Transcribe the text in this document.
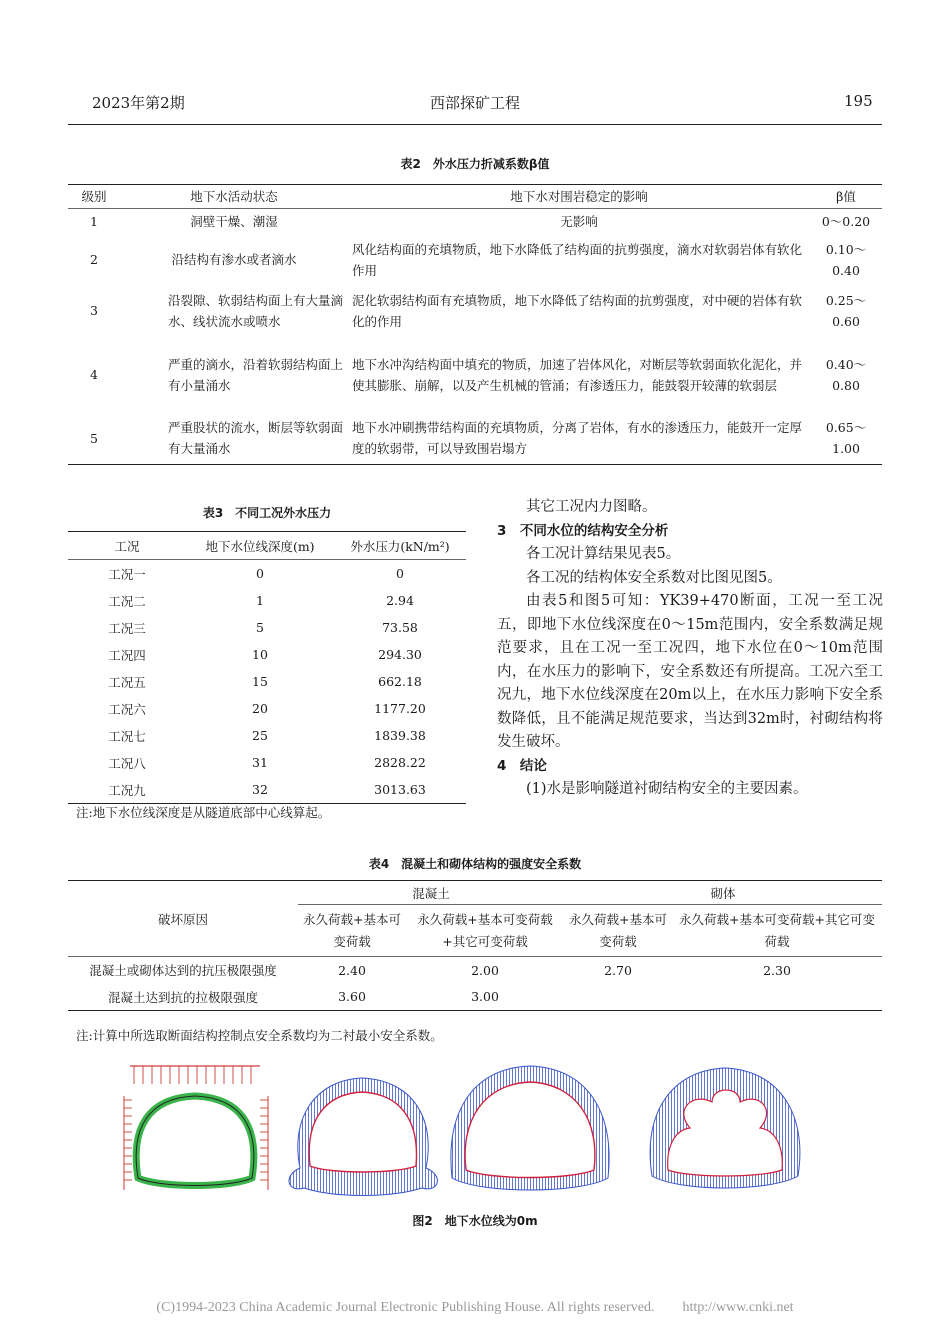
2023年第2期	西部探矿工程	195
表2　外水压力折减系数β值
级别	地下水活动状态	地下水对围岩稳定的影响	β值
1	洞壁干燥、潮湿	无影响	0～0.20
2	沿结构有渗水或者滴水	风化结构面的充填物质，地下水降低了结构面的抗剪强度，滴水对软弱岩体有软化作用	0.10～0.40
3	沿裂隙、软弱结构面上有大量滴水、线状流水或喷水	泥化软弱结构面有充填物质，地下水降低了结构面的抗剪强度，对中硬的岩体有软化的作用	0.25～0.60
4	严重的滴水，沿着软弱结构面上有小量涌水	地下水冲沟结构面中填充的物质，加速了岩体风化，对断层等软弱面软化泥化，并使其膨胀、崩解，以及产生机械的管涌；有渗透压力，能鼓裂开较薄的软弱层	0.40～0.80
5	严重股状的流水，断层等软弱面有大量涌水	地下水冲刷携带结构面的充填物质，分离了岩体，有水的渗透压力，能鼓开一定厚度的软弱带，可以导致围岩塌方	0.65～1.00
表3　不同工况外水压力
工况	地下水位线深度(m)	外水压力(kN/m²)
工况一	0	0
工况二	1	2.94
工况三	5	73.58
工况四	10	294.30
工况五	15	662.18
工况六	20	1177.20
工况七	25	1839.38
工况八	31	2828.22
工况九	32	3013.63
注:地下水位线深度是从隧道底部中心线算起。

其它工况内力图略。

3　不同水位的结构安全分析

各工况计算结果见表5。

各工况的结构体安全系数对比图见图5。

由表5和图5可知：YK39+470断面，工况一至工况五，即地下水位线深度在0～15m范围内，安全系数满足规范要求，且在工况一至工况四，地下水位在0～10m范围内，在水压力的影响下，安全系数还有所提高。工况六至工况九，地下水位线深度在20m以上，在水压力影响下安全系数降低，且不能满足规范要求，当达到32m时，衬砌结构将发生破坏。

4　结论

(1)水是影响隧道衬砌结构安全的主要因素。

表4　混凝土和砌体结构的强度安全系数
破坏原因	混凝土		砌体	
	永久荷载+基本可变荷载	永久荷载+基本可变荷载+其它可变荷载	永久荷载+基本可变荷载	永久荷载+基本可变荷载+其它可变荷载
混凝土或砌体达到的抗压极限强度	2.40	2.00	2.70	2.30
混凝土达到抗的拉极限强度	3.60	3.00		
注:计算中所选取断面结构控制点安全系数均为二衬最小安全系数。
图2　地下水位线为0m
(C)1994-2023 China Academic Journal Electronic Publishing House. All rights reserved.　　http://www.cnki.net
